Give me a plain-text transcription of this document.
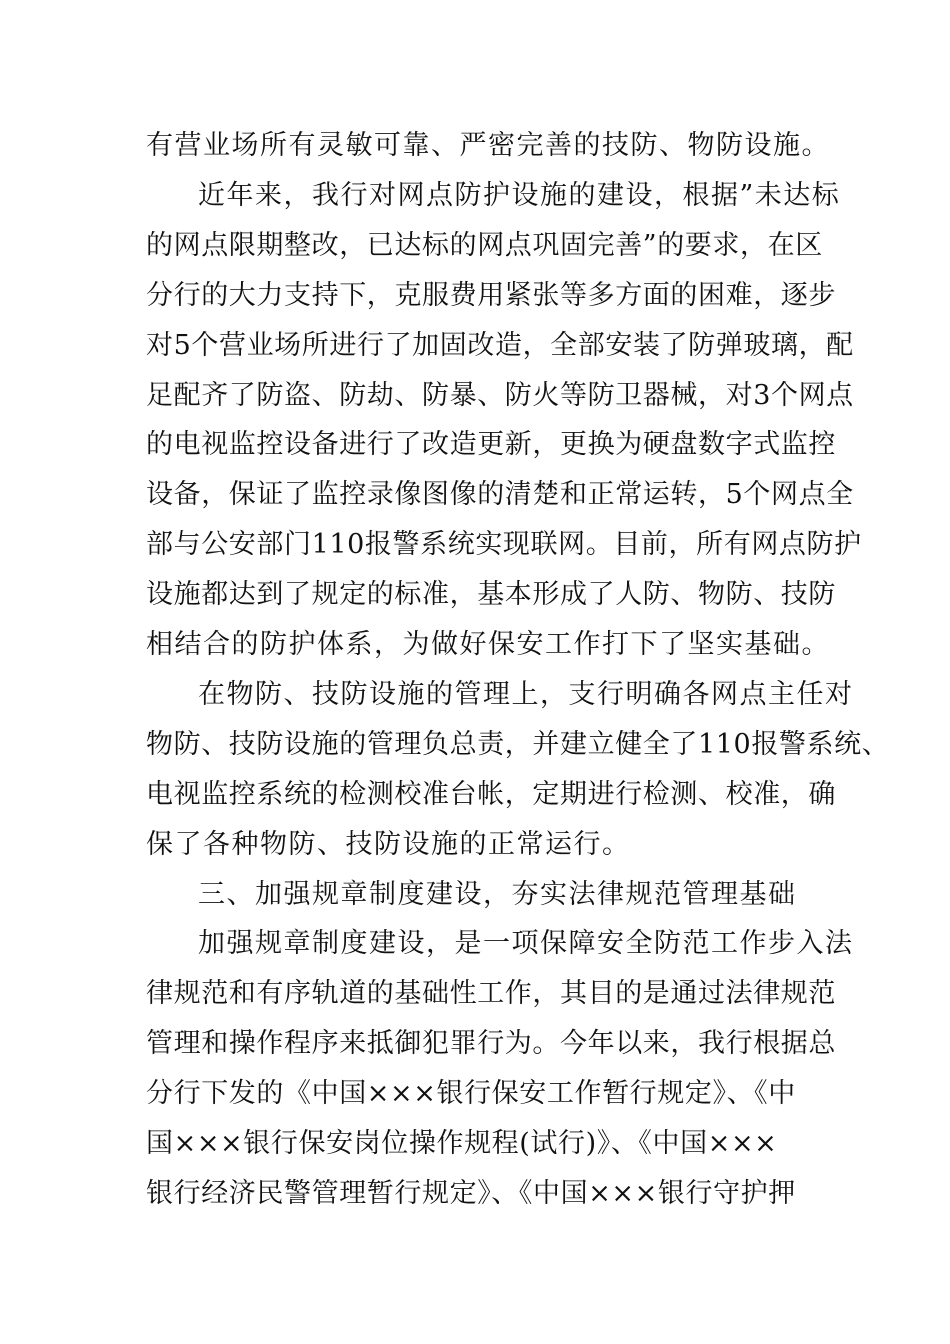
有营业场所有灵敏可靠、严密完善的技防、物防设施。
近年来，我行对网点防护设施的建设，根据”未达标
的网点限期整改，已达标的网点巩固完善”的要求，在区
分行的大力支持下，克服费用紧张等多方面的困难，逐步
对5个营业场所进行了加固改造，全部安装了防弹玻璃，配
足配齐了防盗、防劫、防暴、防火等防卫器械，对3个网点
的电视监控设备进行了改造更新，更换为硬盘数字式监控
设备，保证了监控录像图像的清楚和正常运转，5个网点全
部与公安部门110报警系统实现联网。目前，所有网点防护
设施都达到了规定的标准，基本形成了人防、物防、技防
相结合的防护体系，为做好保安工作打下了坚实基础。
在物防、技防设施的管理上，支行明确各网点主任对
物防、技防设施的管理负总责，并建立健全了110报警系统、
电视监控系统的检测校准台帐，定期进行检测、校准，确
保了各种物防、技防设施的正常运行。
三、加强规章制度建设，夯实法律规范管理基础
加强规章制度建设，是一项保障安全防范工作步入法
律规范和有序轨道的基础性工作，其目的是通过法律规范
管理和操作程序来抵御犯罪行为。今年以来，我行根据总
分行下发的《中国×××银行保安工作暂行规定》、《中
国×××银行保安岗位操作规程(试行)》、《中国×××
银行经济民警管理暂行规定》、《中国×××银行守护押
